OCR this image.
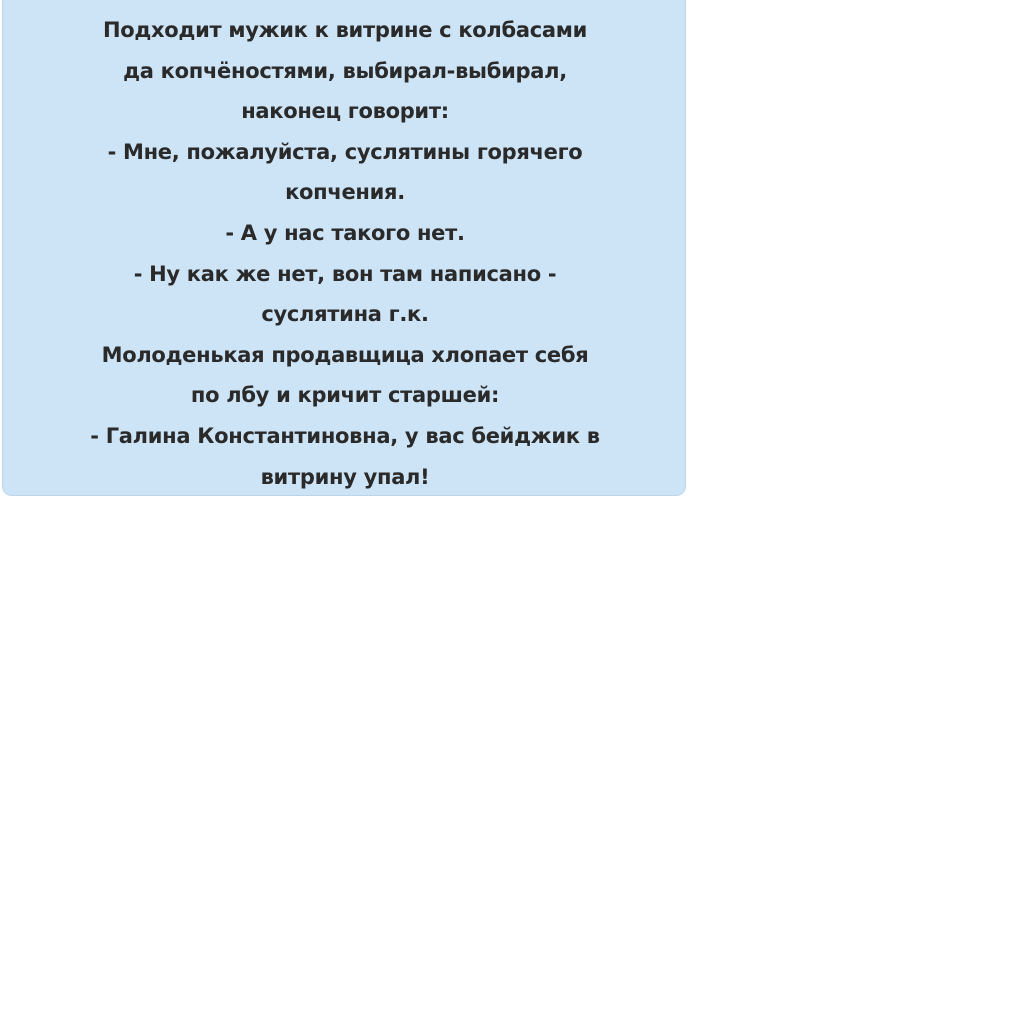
Подходит мужик к витрине с колбасами
да копчёностями, выбирал-выбирал,
наконец говорит:
- Мне, пожалуйста, суслятины горячего
копчения.
- А у нас такого нет.
- Ну как же нет, вон там написано -
суслятина г.к.
Молоденькая продавщица хлопает себя
по лбу и кричит старшей:
- Галина Константиновна, у вас бейджик в
витрину упал!
